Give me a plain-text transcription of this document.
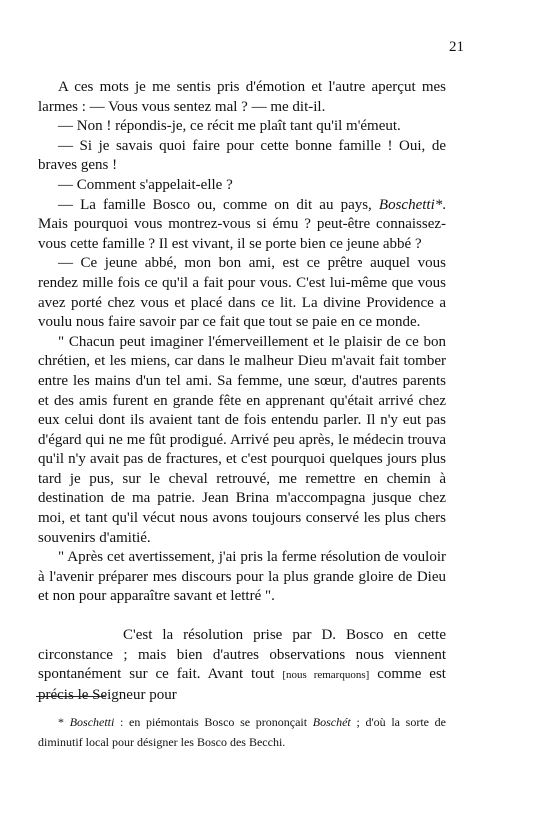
21

A ces mots je me sentis pris d'émotion et l'autre aperçut mes larmes : — Vous vous sentez mal ? — me dit-il.

— Non ! répondis-je, ce récit me plaît tant qu'il m'émeut.

— Si je savais quoi faire pour cette bonne famille ! Oui, de braves gens !

— Comment s'appelait-elle ?

— La famille Bosco ou, comme on dit au pays, Boschetti*. Mais pourquoi vous montrez-vous si ému ? peut-être connaissez-vous cette famille ? Il est vivant, il se porte bien ce jeune abbé ?

— Ce jeune abbé, mon bon ami, est ce prêtre auquel vous rendez mille fois ce qu'il a fait pour vous. C'est lui-même que vous avez porté chez vous et placé dans ce lit. La divine Providence a voulu nous faire savoir par ce fait que tout se paie en ce monde.

" Chacun peut imaginer l'émerveillement et le plaisir de ce bon chrétien, et les miens, car dans le malheur Dieu m'avait fait tomber entre les mains d'un tel ami. Sa femme, une sœur, d'autres parents et des amis furent en grande fête en apprenant qu'était arrivé chez eux celui dont ils avaient tant de fois entendu parler. Il n'y eut pas d'égard qui ne me fût prodigué. Arrivé peu après, le médecin trouva qu'il n'y avait pas de fractures, et c'est pourquoi quelques jours plus tard je pus, sur le cheval retrouvé, me remettre en chemin à destination de ma patrie. Jean Brina m'accompagna jusque chez moi, et tant qu'il vécut nous avons toujours conservé les plus chers souvenirs d'amitié.

" Après cet avertissement, j'ai pris la ferme résolution de vouloir à l'avenir préparer mes discours pour la plus grande gloire de Dieu et non pour apparaître savant et lettré ".

C'est la résolution prise par D. Bosco en cette circonstance ; mais bien d'autres observations nous viennent spontanément sur ce fait. Avant tout [nous remarquons] comme est précis le Seigneur pour

* Boschetti : en piémontais Bosco se prononçait Boschét ; d'où la sorte de diminutif local pour désigner les Bosco des Becchi.
